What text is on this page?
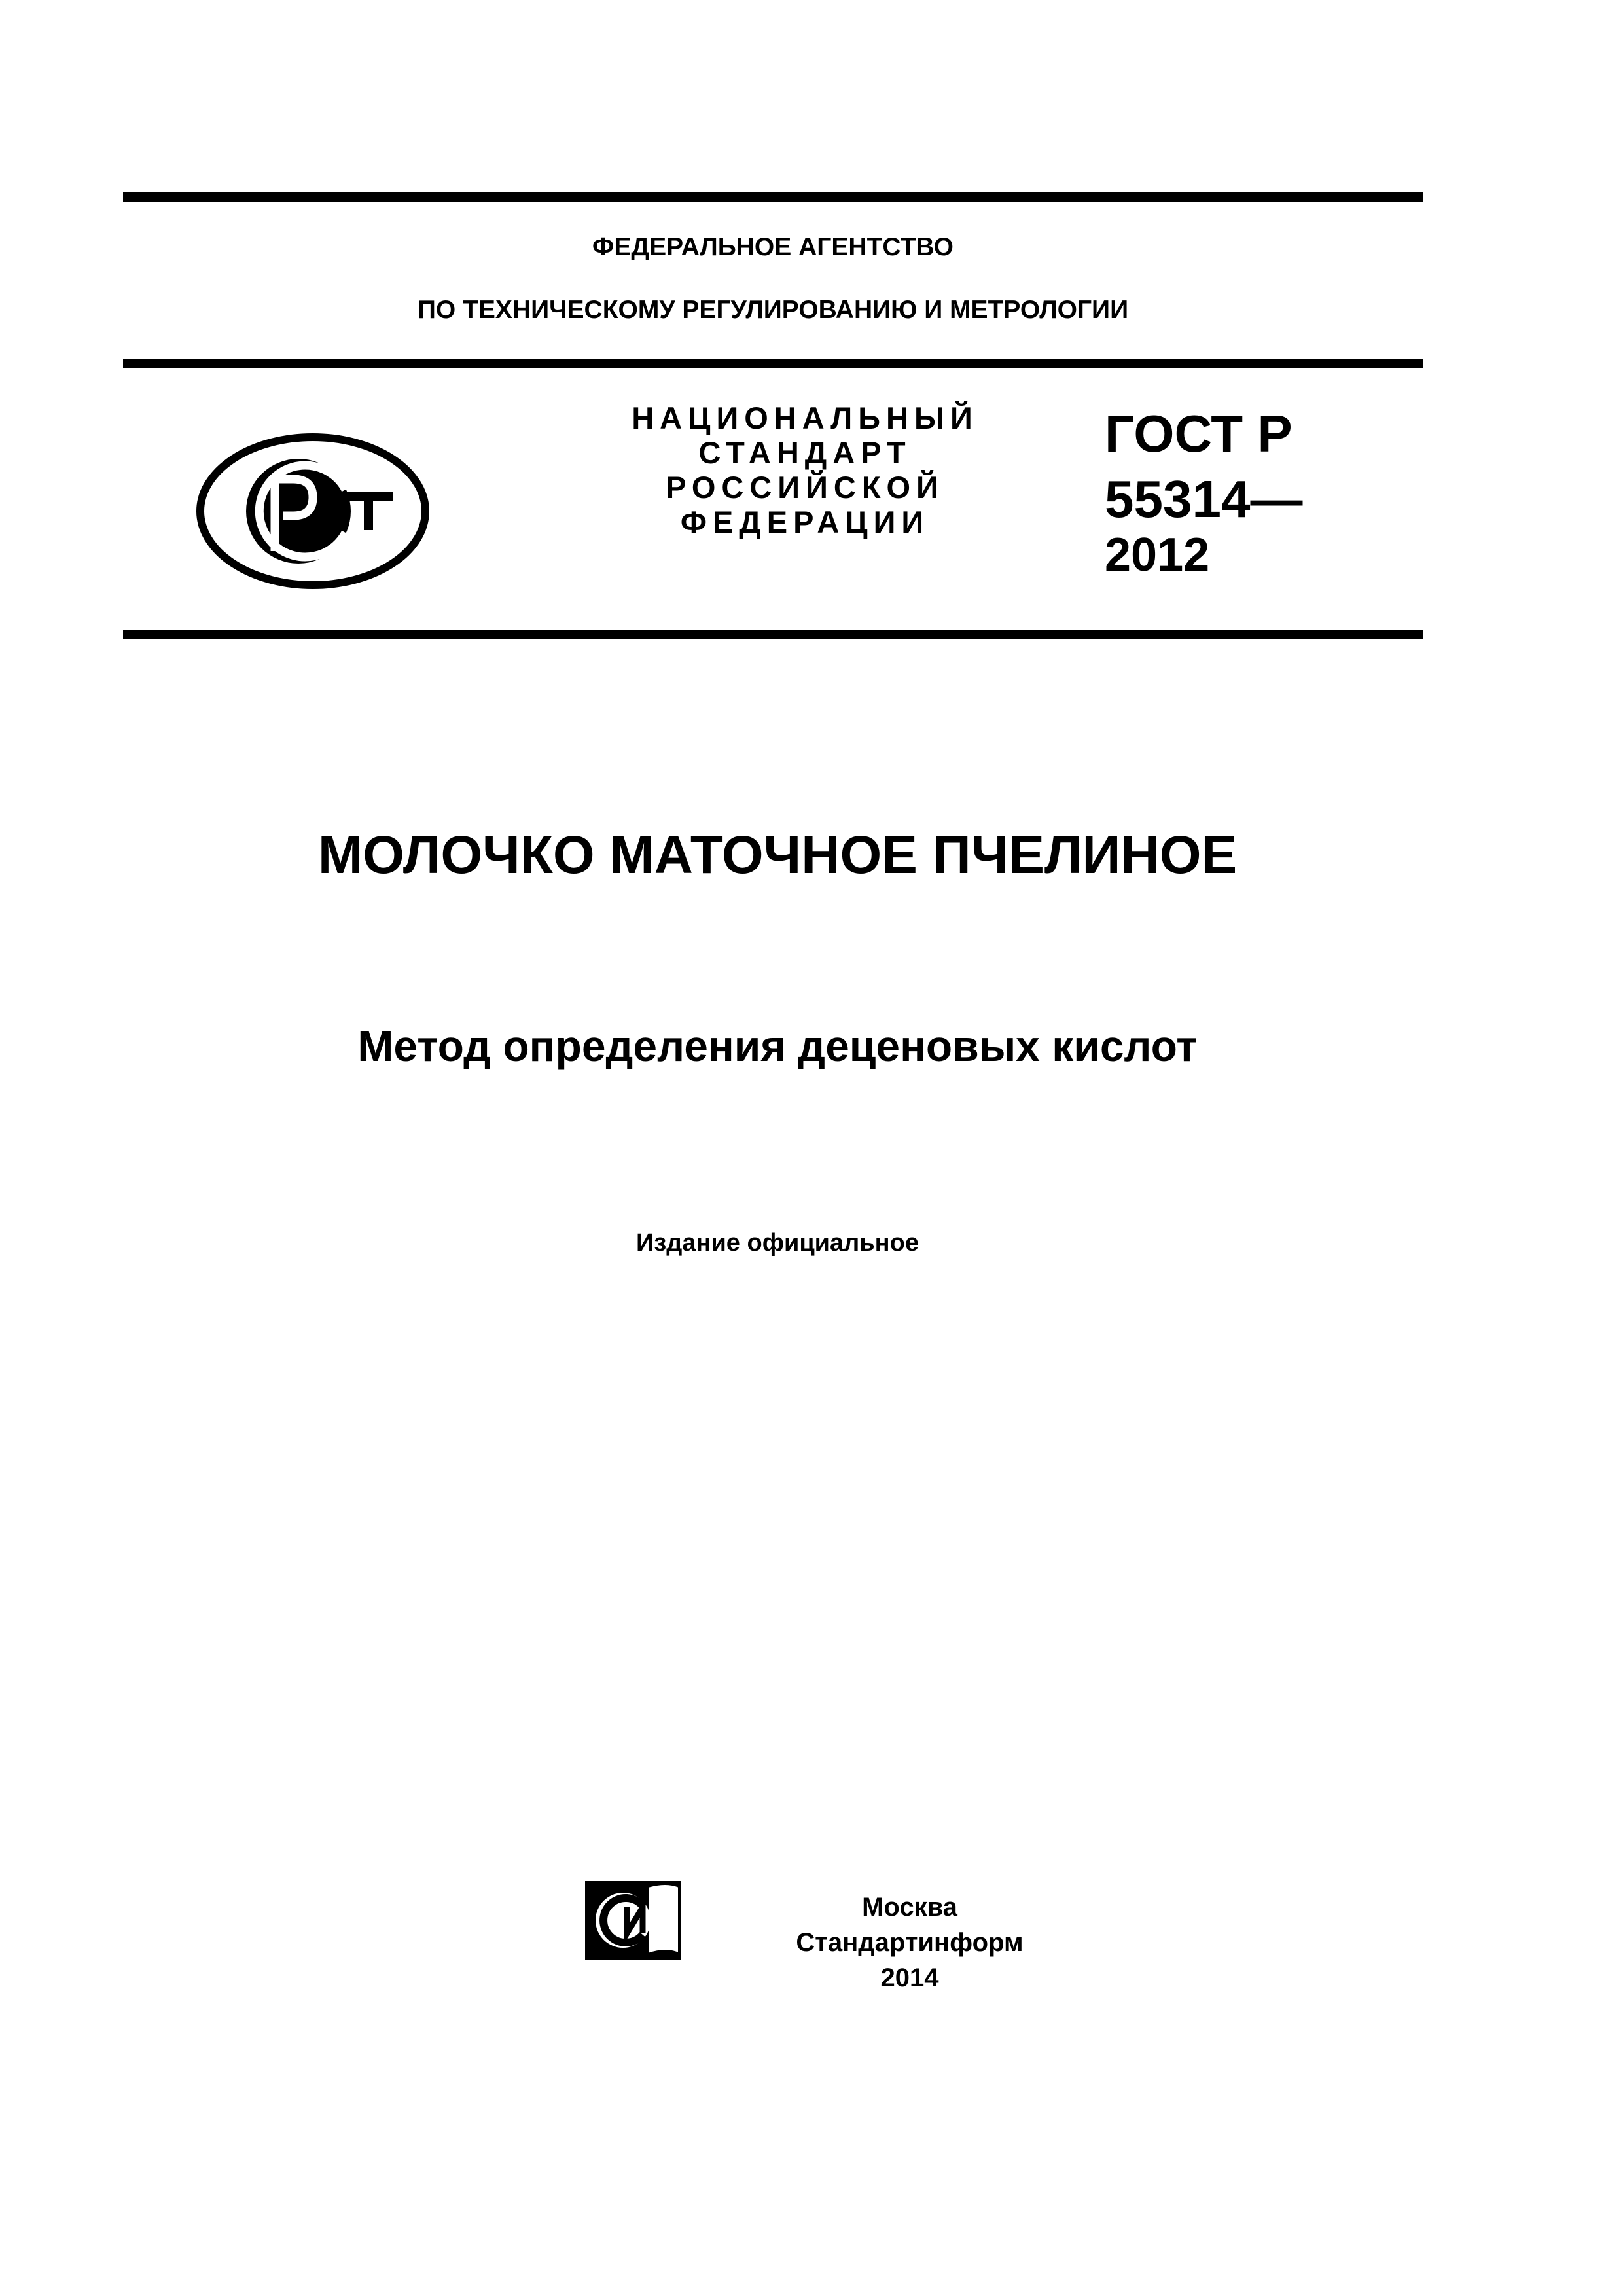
ФЕДЕРАЛЬНОЕ АГЕНТСТВО
ПО ТЕХНИЧЕСКОМУ РЕГУЛИРОВАНИЮ И МЕТРОЛОГИИ
НАЦИОНАЛЬНЫЙ
СТАНДАРТ
РОССИЙСКОЙ
ФЕДЕРАЦИИ
ГОСТ Р
55314—
2012
МОЛОЧКО МАТОЧНОЕ ПЧЕЛИНОЕ
Метод определения деценовых кислот
Издание официальное
Москва
Стандартинформ
2014
